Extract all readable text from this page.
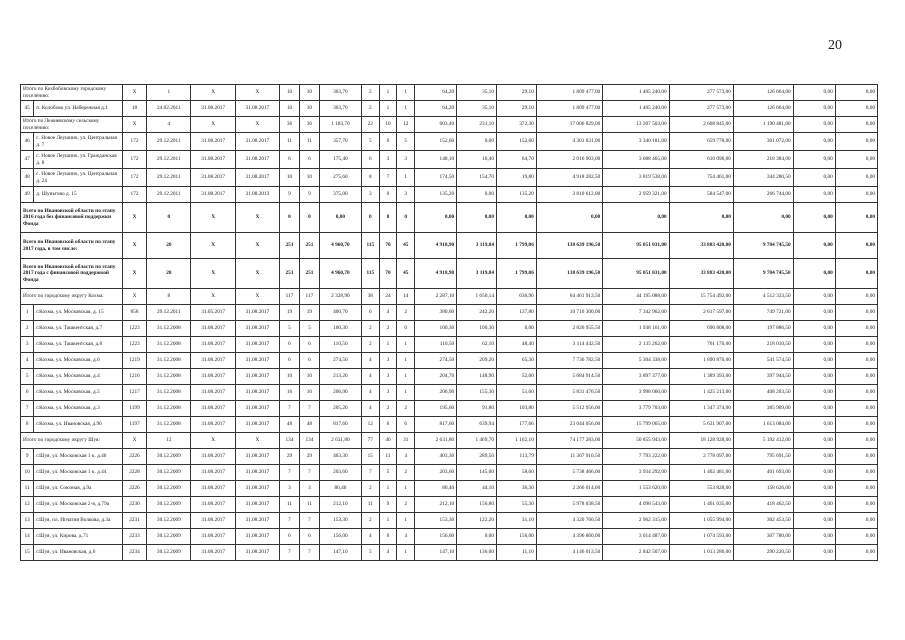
20
Итого по Кохбобовскому городскому поселению:		Х	1	Х	Х	10	10	303,70	2	1	1	64,20	35,10	29,10	1 809 477,00	1 405 240,00	277 573,00	126 664,00	0,00	0,00
45	п. Колобово ул. Набережная д.1	18	24.02.2011	31.08.2017	31.08.2017	10	10	303,70	2	1	1	64,20	35,10	29,10	1 809 477,00	1 405 240,00	277 573,00	126 664,00	0,00	0,00
Итого по Лежневскому сельскому поселению:		Х	4	Х	Х	36	36	1 183,70	22	10	12	603,40	231,10	372,30	17 006 829,00	13 207 503,00	2 608 845,00	1 190 481,00	0,00	0,00
46	с. Новое Леушино, ул. Центральная д. 7	172	29.12.2011	31.08.2017	31.08.2017	11	11	357,70	5	0	5	152,60	0,00	152,60	4 301 031,00	3 340 181,00	659 778,00	301 072,00	0,00	0,00
47	с. Новое Леушино, ул. Гражданская д. 8	172	29.12.2011	31.08.2017	31.08.2017	6	6	175,40	6	3	3	148,10	16,40	64,70	2 016 903,00	3 088 465,00	610 096,00	218 384,00	0,00	0,00
48	с. Новое Леушино, ул. Центральная д. 24	172	29.12.2011	31.08.2017	31.08.2017	10	10	275,60	8	7	1	174,50	154,70	19,80	4 918 282,50	3 819 538,00	754 461,00	344 280,50	0,00	0,00
49	д. Шуньгово д. 15	172	29.12.2011	31.08.2017	31.08.2013	9	9	375,00	3	0	3	135,20	0,00	135,20	3 810 612,00	2 959 321,00	584 547,00	266 744,00	0,00	0,00
Всего по Ивановской области по этапу 2016 года без финансовой поддержки Фонда		Х	0	Х	Х	0	0	0,00	0	0	0	0,00	0,00	0,00	0,00	0,00	0,00	0,00	0,00	0,00
Всего по Ивановской области по этапу 2017 года, в том числе:		Х	20	Х	Х	251	251	4 960,70	115	70	45	4 918,90	3 119,84	1 799,06	138 639 196,50	95 051 031,00	33 883 420,00	9 704 745,50	0,00	0,00
Всего по Ивановской области по этапу 2017 года с финансовой поддержкой Фонда		Х	20	Х	Х	251	251	4 960,70	115	70	45	4 918,90	3 119,84	1 799,06	138 639 196,50	95 051 031,00	33 883 420,00	9 704 745,50	0,00	0,00
Итого по городскому округу Кохма:		Х	8	Х	Х	117	117	2 328,90	38	24	14	2 287,10	1 650,14	636,96	64 461 913,50	44 195 088,00	15 754 492,00	4 512 333,50	0,00	0,00
1	г.Кохма, ул. Московская, д. 15	858	29.12.2011	31.05.2017	31.08.2017	19	19	400,70	6	4	2	380,00	242,20	137,80	10 710 300,00	7 342 962,00	2 617 597,00	749 721,00	0,00	0,00
2	г.Кохма, ул. Ташкентская, д.7	1223	31.12.2008	31.08.2017	31.08.2017	5	5	100,30	2	2	0	100,30	100,30	0,00	2 826 955,50	1 938 161,00	690 808,00	197 886,50	0,00	0,00
3	г.Кохма, ул. Ташкентская, д.8	1223	31.12.2008	31.08.2017	31.08.2017	6	6	110,50	2	1	1	110,50	62,10	48,40	3 114 442,50	2 135 262,00	761 170,00	218 010,50	0,00	0,00
4	г.Кохма, ул. Московская, д.6	1219	31.12.2008	31.08.2017	31.08.2017	6	6	274,50	4	3	1	274,50	209,20	65,30	7 736 782,50	5 304 338,00	1 890 870,00	541 574,50	0,00	0,00
5	г.Кохма, ул. Московская, д.4	1216	31.12.2008	31.08.2017	31.08.2017	10	10	213,20	4	3	1	204,70	148,90	52,00	5 684 914,50	3 897 377,00	1 389 393,00	397 944,50	0,00	0,00
6	г.Кохма, ул. Московская, д.5	1217	31.12.2008	31.08.2017	31.08.2017	16	16	206,90	4	3	1	206,90	155,30	51,60	5 831 476,50	3 998 060,00	1 425 213,00	408 203,50	0,00	0,00
7	г.Кохма, ул. Московская, д.3	1199	31.12.2008	31.08.2017	31.08.2017	7	7	205,20	4	2	2	195,60	91,80	103,80	5 512 956,00	3 779 703,00	1 347 374,00	385 909,00	0,00	0,00
8	г.Кохма, ул. Ивановская, д.96	1197	31.12.2008	31.08.2017	31.08.2017	48	48	817,60	12	6	6	817,60	639,94	177,66	23 044 056,00	15 799 065,00	5 631 907,00	1 613 084,00	0,00	0,00
Итого по городскому округу Шуя:		Х	12	Х	Х	134	134	2 631,80	77	46	31	2 631,80	1 469,70	1 162,10	74 177 283,00	50 855 943,00	18 128 928,00	5 192 412,00	0,00	0,00
9	г.Шуя, ул. Московская 1 к. д.40	2226	30.12.2009	31.08.2017	31.08.2017	29	29	403,30	15	11	4	403,30	289,50	113,79	11 367 910,50	7 793 222,00	2 778 097,00	795 691,50	0,00	0,00
10	г.Шуя, ул. Московская 1 к. д.44	2228	30.12.2009	31.08.2017	31.08.2017	7	7	203,60	7	5	2	203,60	145,00	58,60	5 738 466,00	3 934 292,00	1 402 481,00	401 693,00	0,00	0,00
11	г.Шуя, ул. Союзная, д.9а	2226	30.12.2009	31.08.2017	31.08.2017	3	3	80,40	2	1	1	80,40	44,10	36,30	2 266 014,00	1 553 620,00	553 828,00	158 626,00	0,00	0,00
12	г.Шуя, ул. Московская 2-я, д.79а	2230	30.12.2009	31.08.2017	31.08.2017	11	11	212,10	11	9	2	212,10	156,80	55,30	5 978 038,50	4 098 543,00	1 461 035,00	418 462,50	0,00	0,00
13	г.Шуя, пл. Игнатия Волкова, д.3а	2231	30.12.2009	31.08.2017	31.08.2017	7	7	153,30	2	1	1	153,30	122,20	31,10	4 320 760,50	2 962 315,00	1 055 994,00	302 453,50	0,00	0,00
14	г.Шуя, ул. Кирова, д.71	2233	30.12.2009	31.08.2017	31.08.2017	6	6	156,00	4	0	4	156,00	0,00	156,00	4 396 860,00	3 014 487,00	1 074 593,00	307 780,00	0,00	0,00
15	г.Шуя, ул. Ивановская, д.6	2234	30.12.2009	31.08.2017	31.08.2017	7	7	147,10	5	4	1	147,10	136,00	11,10	4 146 013,50	2 842 507,00	1 013 286,00	290 220,50	0,00	0,00
